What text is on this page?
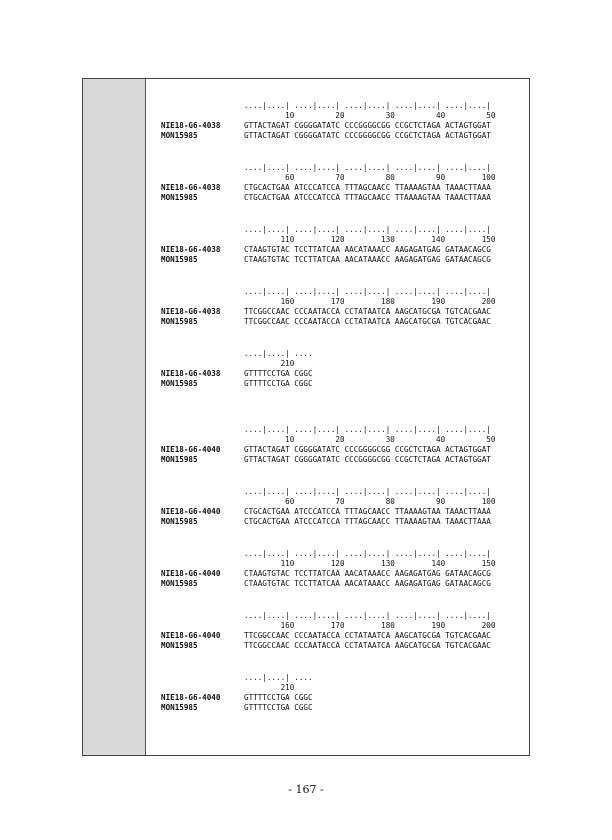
....|....| ....|....| ....|....| ....|....| ....|....|
10         20         30         40         50
NIE18-G6-4038	GTTACTAGAT CGGGGATATC CCCGGGGCGG CCGCTCTAGA ACTAGTGGAT
MON15985	GTTACTAGAT CGGGGATATC CCCGGGGCGG CCGCTCTAGA ACTAGTGGAT
....|....| ....|....| ....|....| ....|....| ....|....|
60         70         80         90        100
NIE18-G6-4038	CTGCACTGAA ATCCCATCCA TTTAGCAACC TTAAAAGTAA TAAACTTAAA
MON15985	CTGCACTGAA ATCCCATCCA TTTAGCAACC TTAAAAGTAA TAAACTTAAA
....|....| ....|....| ....|....| ....|....| ....|....|
110        120        130        140        150
NIE18-G6-4038	CTAAGTGTAC TCCTTATCAA AACATAAACC AAGAGATGAG GATAACAGCG
MON15985	CTAAGTGTAC TCCTTATCAA AACATAAACC AAGAGATGAG GATAACAGCG
....|....| ....|....| ....|....| ....|....| ....|....|
160        170        180        190        200
NIE18-G6-4038	TTCGGCCAAC CCCAATACCA CCTATAATCA AAGCATGCGA TGTCACGAAC
MON15985	TTCGGCCAAC CCCAATACCA CCTATAATCA AAGCATGCGA TGTCACGAAC
....|....| ....
210
NIE18-G6-4038	GTTTTCCTGA CGGC
MON15985	GTTTTCCTGA CGGC
....|....| ....|....| ....|....| ....|....| ....|....|
10         20         30         40         50
NIE18-G6-4040	GTTACTAGAT CGGGGATATC CCCGGGGCGG CCGCTCTAGA ACTAGTGGAT
MON15985	GTTACTAGAT CGGGGATATC CCCGGGGCGG CCGCTCTAGA ACTAGTGGAT
....|....| ....|....| ....|....| ....|....| ....|....|
60         70         80         90        100
NIE18-G6-4040	CTGCACTGAA ATCCCATCCA TTTAGCAACC TTAAAAGTAA TAAACTTAAA
MON15985	CTGCACTGAA ATCCCATCCA TTTAGCAACC TTAAAAGTAA TAAACTTAAA
....|....| ....|....| ....|....| ....|....| ....|....|
110        120        130        140        150
NIE18-G6-4040	CTAAGTGTAC TCCTTATCAA AACATAAACC AAGAGATGAG GATAACAGCG
MON15985	CTAAGTGTAC TCCTTATCAA AACATAAACC AAGAGATGAG GATAACAGCG
....|....| ....|....| ....|....| ....|....| ....|....|
160        170        180        190        200
NIE18-G6-4040	TTCGGCCAAC CCCAATACCA CCTATAATCA AAGCATGCGA TGTCACGAAC
MON15985	TTCGGCCAAC CCCAATACCA CCTATAATCA AAGCATGCGA TGTCACGAAC
....|....| ....
210
NIE18-G6-4040	GTTTTCCTGA CGGC
MON15985	GTTTTCCTGA CGGC
- 167 -
